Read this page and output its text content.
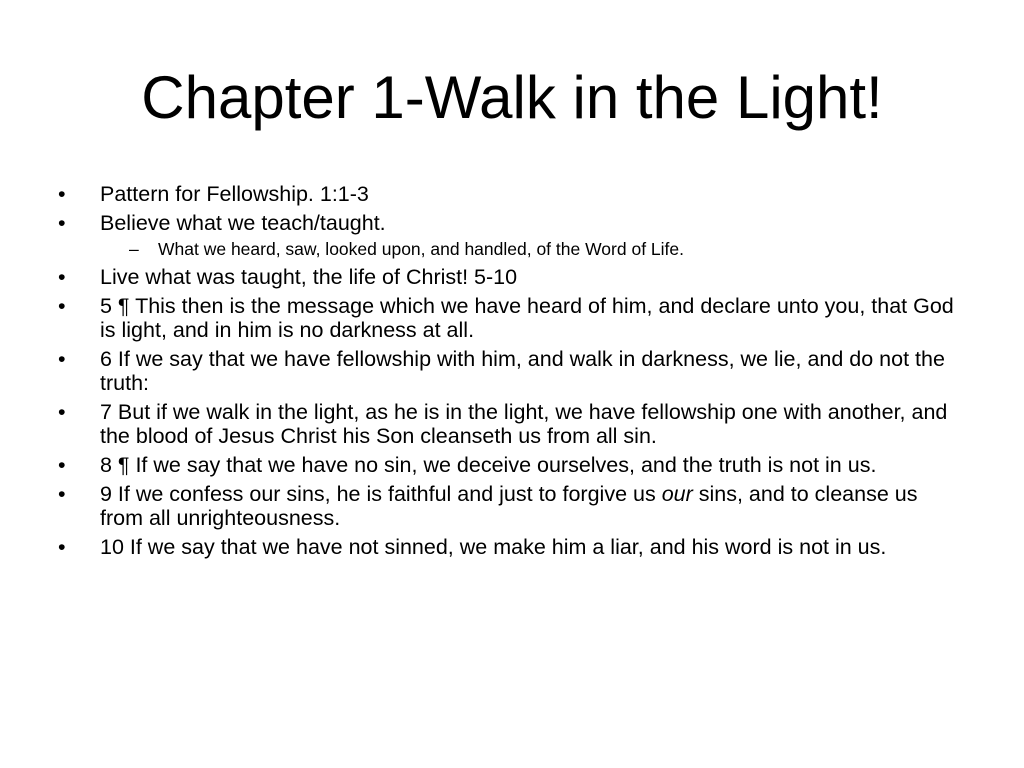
Chapter 1-Walk in the Light!
• Pattern for Fellowship. 1:1-3
• Believe what we teach/taught.
– What we heard, saw, looked upon, and handled, of the Word of Life.
• Live what was taught, the life of Christ! 5-10
• 5 ¶ This then is the message which we have heard of him, and declare unto you, that God is light, and in him is no darkness at all.
• 6 If we say that we have fellowship with him, and walk in darkness, we lie, and do not the truth:
• 7 But if we walk in the light, as he is in the light, we have fellowship one with another, and the blood of Jesus Christ his Son cleanseth us from all sin.
• 8 ¶ If we say that we have no sin, we deceive ourselves, and the truth is not in us.
• 9 If we confess our sins, he is faithful and just to forgive us our sins, and to cleanse us from all unrighteousness.
• 10 If we say that we have not sinned, we make him a liar, and his word is not in us.
